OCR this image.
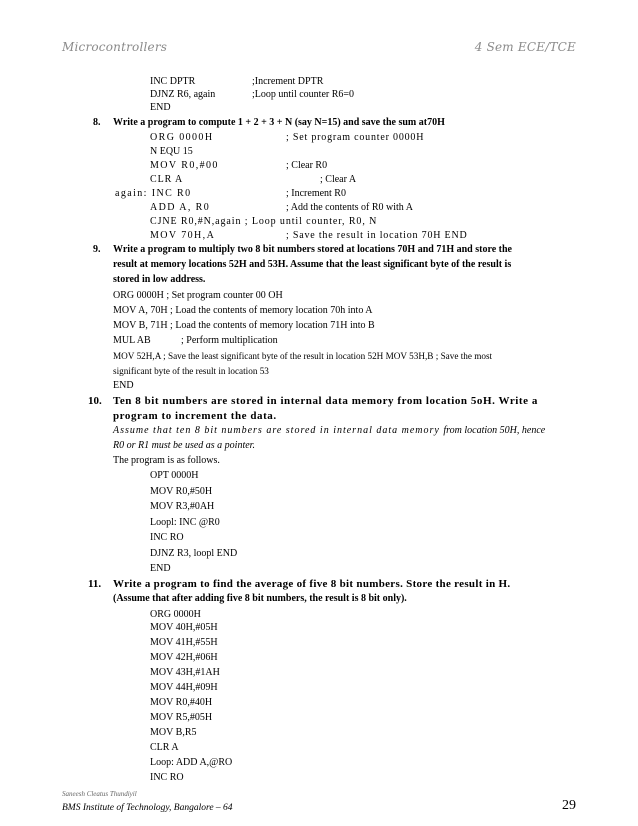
Microcontrollers	4 Sem ECE/TCE
INC DPTR	;Increment DPTR
DJNZ R6, again	;Loop until counter R6=0
END
8. Write a program to compute 1 + 2 + 3 + N (say N=15) and save the sum at70H
ORG 0000H	; Set program counter 0000H
N EQU 15
MOV R0,#00	; Clear R0
CLR A	; Clear A
again: INC R0	; Increment R0
ADD A, R0	; Add the contents of R0 with A
CJNE R0,#N,again ; Loop until counter, R0, N
MOV 70H,A	; Save the result in location 70H END
9. Write a program to multiply two 8 bit numbers stored at locations 70H and 71H and store the
result at memory locations 52H and 53H. Assume that the least significant byte of the result is
stored in low address.
ORG 0000H ; Set program counter 00 OH
MOV A, 70H ; Load the contents of memory location 70h into A
MOV B, 71H ; Load the contents of memory location 71H into B
MUL AB	; Perform multiplication
MOV 52H,A ; Save the least significant byte of the result in location 52H MOV 53H,B ; Save the most
significant byte of the result in location 53
END
10. Ten 8 bit numbers are stored in internal data memory from location 5oH. Write a
program to increment the data.
Assume that ten 8 bit numbers are stored in internal data memory from location 50H, hence
R0 or R1 must be used as a pointer.
The program is as follows.
OPT 0000H
MOV R0,#50H
MOV R3,#0AH
Loopl: INC @R0
INC RO
DJNZ R3, loopl END
END
11. Write a program to find the average of five 8 bit numbers. Store the result in H.
(Assume that after adding five 8 bit numbers, the result is 8 bit only).
ORG 0000H
MOV 40H,#05H
MOV 41H,#55H
MOV 42H,#06H
MOV 43H,#1AH
MOV 44H,#09H
MOV R0,#40H
MOV R5,#05H
MOV B,R5
CLR A
Loop: ADD A,@RO
INC RO
Saneesh Cleatus Thundiyil
BMS Institute of Technology, Bangalore – 64	29
